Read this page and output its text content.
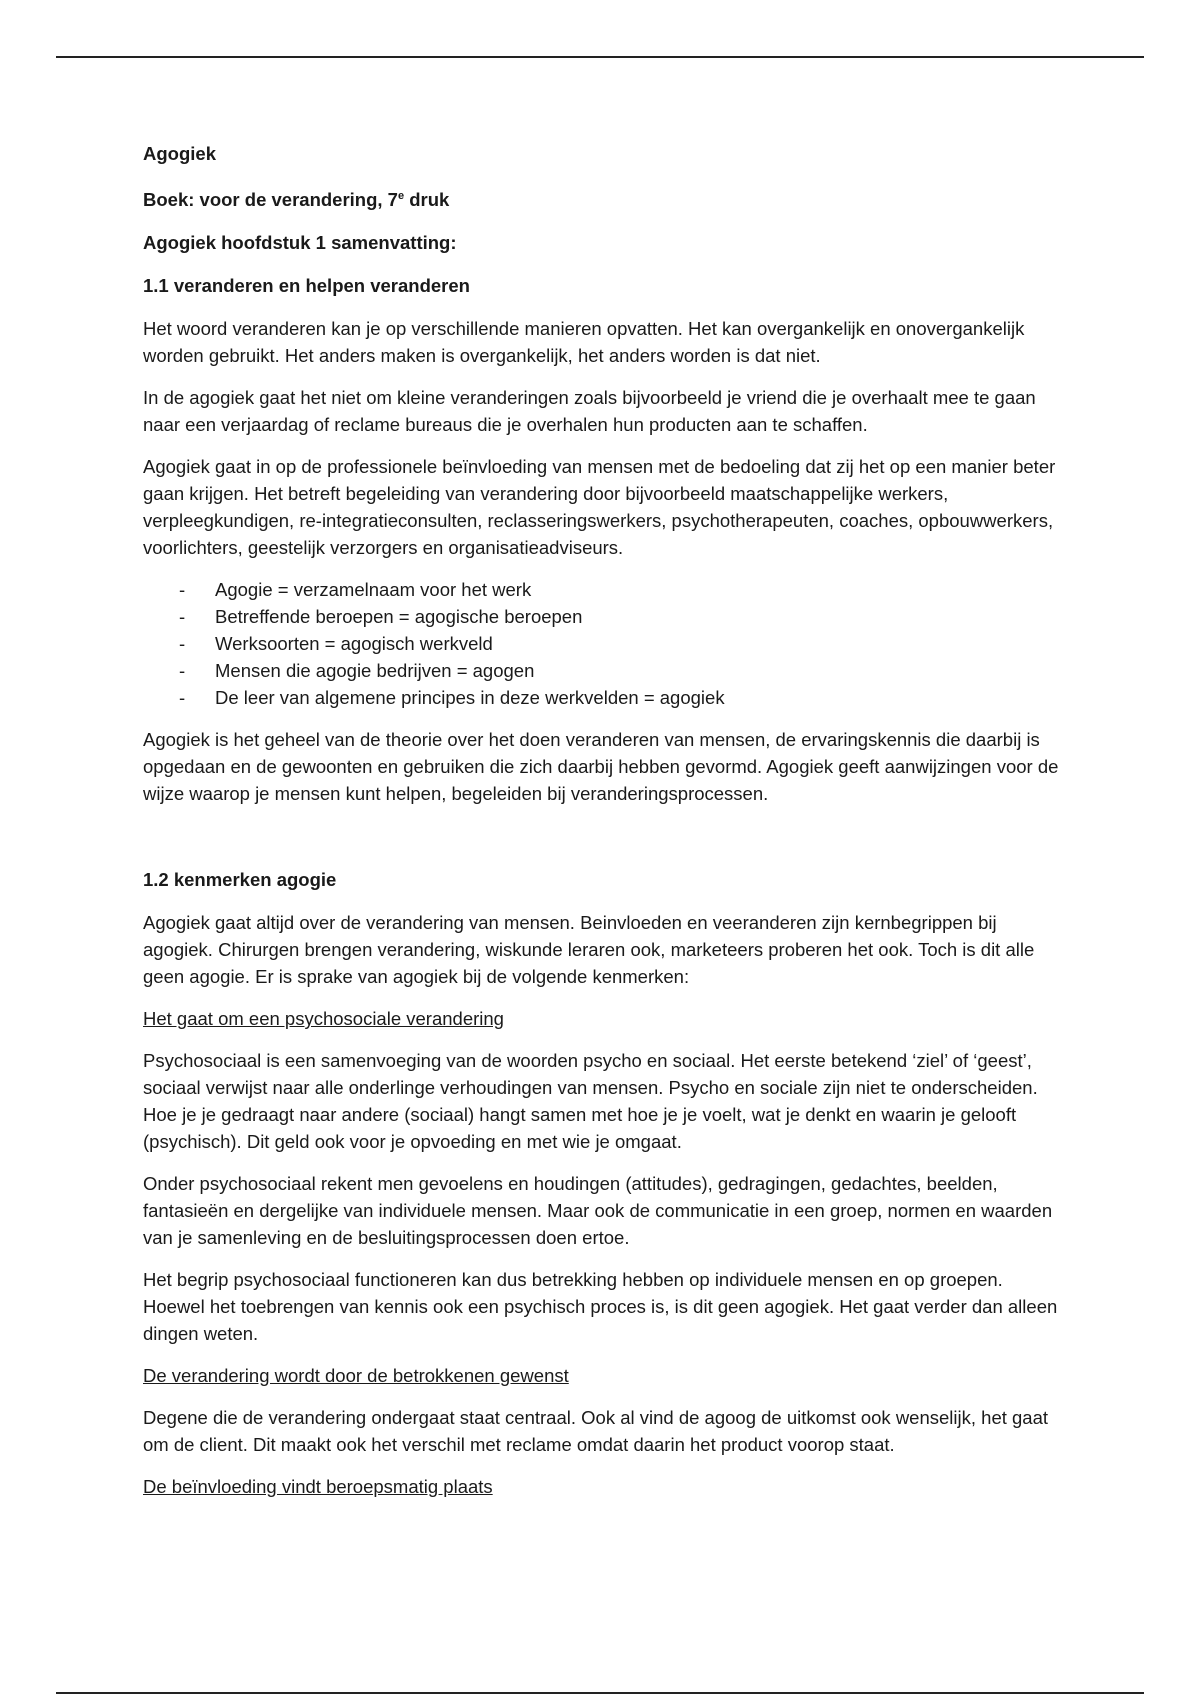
Agogiek

Boek: voor de verandering, 7e druk

Agogiek hoofdstuk 1 samenvatting:

1.1 veranderen en helpen veranderen

Het woord veranderen kan je op verschillende manieren opvatten. Het kan overgankelijk en onovergankelijk worden gebruikt. Het anders maken is overgankelijk, het anders worden is dat niet.

In de agogiek gaat het niet om kleine veranderingen zoals bijvoorbeeld je vriend die je overhaalt mee te gaan naar een verjaardag of reclame bureaus die je overhalen hun producten aan te schaffen.

Agogiek gaat in op de professionele beïnvloeding van mensen met de bedoeling dat zij het op een manier beter gaan krijgen. Het betreft begeleiding van verandering door bijvoorbeeld maatschappelijke werkers, verpleegkundigen, re-integratieconsulten, reclasseringswerkers, psychotherapeuten, coaches, opbouwwerkers, voorlichters, geestelijk verzorgers en organisatieadviseurs.

- Agogie = verzamelnaam voor het werk
- Betreffende beroepen = agogische beroepen
- Werksoorten = agogisch werkveld
- Mensen die agogie bedrijven = agogen
- De leer van algemene principes in deze werkvelden = agogiek

Agogiek is het geheel van de theorie over het doen veranderen van mensen, de ervaringskennis die daarbij is opgedaan en de gewoonten en gebruiken die zich daarbij hebben gevormd. Agogiek geeft aanwijzingen voor de wijze waarop je mensen kunt helpen, begeleiden bij veranderingsprocessen.

1.2 kenmerken agogie

Agogiek gaat altijd over de verandering van mensen. Beinvloeden en veeranderen zijn kernbegrippen bij agogiek. Chirurgen brengen verandering, wiskunde leraren ook, marketeers proberen het ook. Toch is dit alle geen agogie. Er is sprake van agogiek bij de volgende kenmerken:

Het gaat om een psychosociale verandering

Psychosociaal is een samenvoeging van de woorden psycho en sociaal. Het eerste betekend ‘ziel’ of ‘geest’, sociaal verwijst naar alle onderlinge verhoudingen van mensen. Psycho en sociale zijn niet te onderscheiden. Hoe je je gedraagt naar andere (sociaal) hangt samen met hoe je je voelt, wat je denkt en waarin je gelooft (psychisch). Dit geld ook voor je opvoeding en met wie je omgaat.

Onder psychosociaal rekent men gevoelens en houdingen (attitudes), gedragingen, gedachtes, beelden, fantasieën en dergelijke van individuele mensen. Maar ook de communicatie in een groep, normen en waarden van je samenleving en de besluitingsprocessen doen ertoe.

Het begrip psychosociaal functioneren kan dus betrekking hebben op individuele mensen en op groepen. Hoewel het toebrengen van kennis ook een psychisch proces is, is dit geen agogiek. Het gaat verder dan alleen dingen weten.

De verandering wordt door de betrokkenen gewenst

Degene die de verandering ondergaat staat centraal. Ook al vind de agoog de uitkomst ook wenselijk, het gaat om de client. Dit maakt ook het verschil met reclame omdat daarin het product voorop staat.

De beïnvloeding vindt beroepsmatig plaats
